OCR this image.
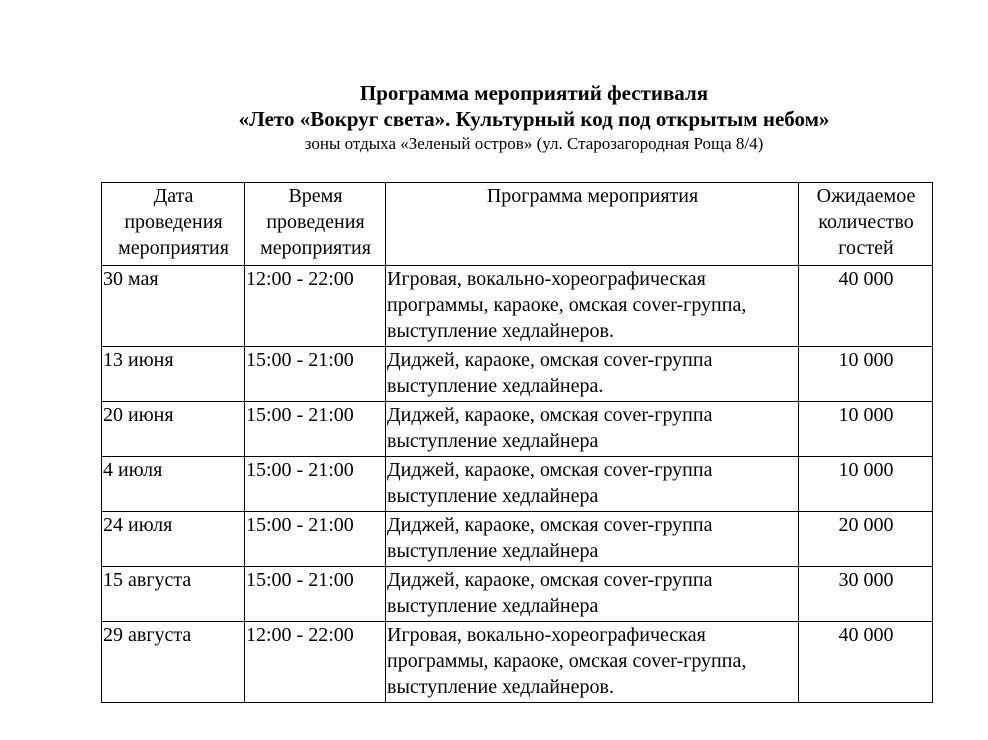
Программа мероприятий фестиваля
«Лето «Вокруг света». Культурный код под открытым небом»
зоны отдыха «Зеленый остров» (ул. Старозагородная Роща 8/4)
Дата проведения мероприятия	Время проведения мероприятия	Программа мероприятия	Ожидаемое количество гостей
30 мая	12:00 - 22:00	Игровая, вокально-хореографическая программы, караоке, омская cover-группа, выступление хедлайнеров.	40 000
13 июня	15:00 - 21:00	Диджей, караоке, омская cover-группа выступление хедлайнера.	10 000
20 июня	15:00 - 21:00	Диджей, караоке, омская cover-группа выступление хедлайнера	10 000
4 июля	15:00 - 21:00	Диджей, караоке, омская cover-группа выступление хедлайнера	10 000
24 июля	15:00 - 21:00	Диджей, караоке, омская cover-группа выступление хедлайнера	20 000
15 августа	15:00 - 21:00	Диджей, караоке, омская cover-группа выступление хедлайнера	30 000
29 августа	12:00 - 22:00	Игровая, вокально-хореографическая программы, караоке, омская cover-группа, выступление хедлайнеров.	40 000
